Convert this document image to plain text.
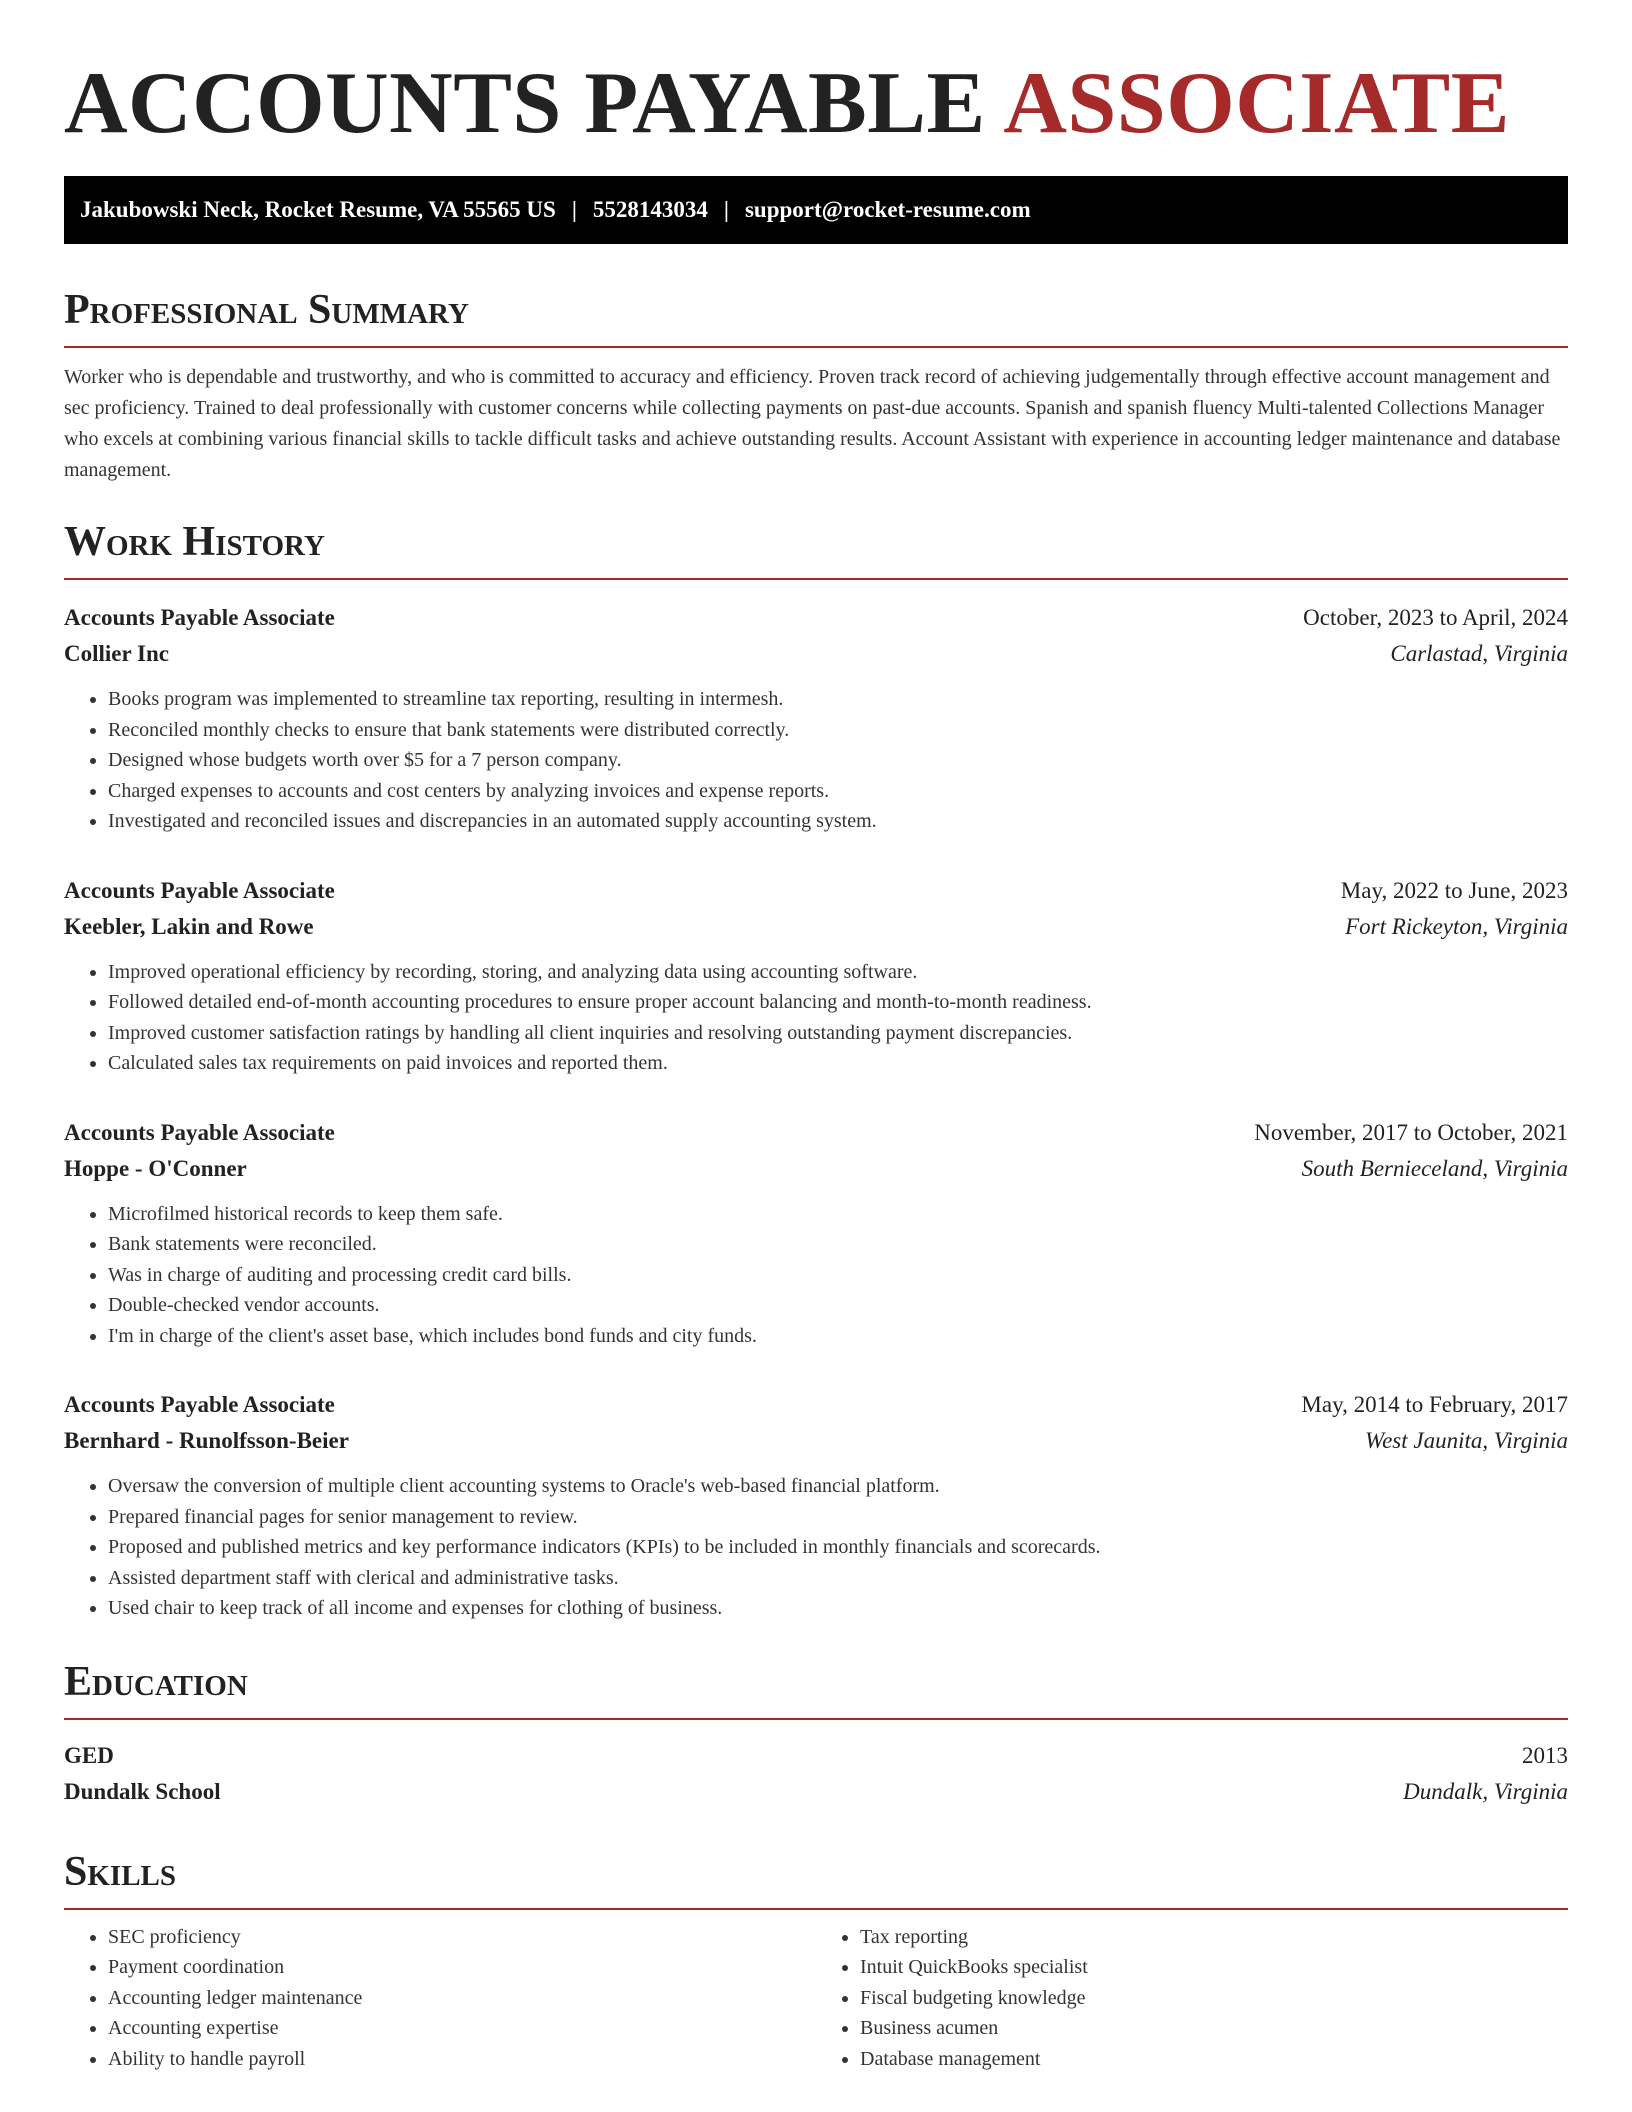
ACCOUNTS PAYABLE ASSOCIATE
Jakubowski Neck, Rocket Resume, VA 55565 US | 5528143034 | support@rocket-resume.com
Professional Summary

Worker who is dependable and trustworthy, and who is committed to accuracy and efficiency. Proven track record of achieving judgementally through effective account management and sec proficiency. Trained to deal professionally with customer concerns while collecting payments on past-due accounts. Spanish and spanish fluency Multi-talented Collections Manager who excels at combining various financial skills to tackle difficult tasks and achieve outstanding results. Account Assistant with experience in accounting ledger maintenance and database management.

Work History
Accounts Payable Associate	October, 2023 to April, 2024
Collier Inc	Carlastad, Virginia
• Books program was implemented to streamline tax reporting, resulting in intermesh.
• Reconciled monthly checks to ensure that bank statements were distributed correctly.
• Designed whose budgets worth over $5 for a 7 person company.
• Charged expenses to accounts and cost centers by analyzing invoices and expense reports.
• Investigated and reconciled issues and discrepancies in an automated supply accounting system.
Accounts Payable Associate	May, 2022 to June, 2023
Keebler, Lakin and Rowe	Fort Rickeyton, Virginia
• Improved operational efficiency by recording, storing, and analyzing data using accounting software.
• Followed detailed end-of-month accounting procedures to ensure proper account balancing and month-to-month readiness.
• Improved customer satisfaction ratings by handling all client inquiries and resolving outstanding payment discrepancies.
• Calculated sales tax requirements on paid invoices and reported them.
Accounts Payable Associate	November, 2017 to October, 2021
Hoppe - O'Conner	South Bernieceland, Virginia
• Microfilmed historical records to keep them safe.
• Bank statements were reconciled.
• Was in charge of auditing and processing credit card bills.
• Double-checked vendor accounts.
• I'm in charge of the client's asset base, which includes bond funds and city funds.
Accounts Payable Associate	May, 2014 to February, 2017
Bernhard - Runolfsson-Beier	West Jaunita, Virginia
• Oversaw the conversion of multiple client accounting systems to Oracle's web-based financial platform.
• Prepared financial pages for senior management to review.
• Proposed and published metrics and key performance indicators (KPIs) to be included in monthly financials and scorecards.
• Assisted department staff with clerical and administrative tasks.
• Used chair to keep track of all income and expenses for clothing of business.
Education
GED	2013
Dundalk School	Dundalk, Virginia
Skills
• SEC proficiency
• Payment coordination
• Accounting ledger maintenance
• Accounting expertise
• Ability to handle payroll
• Tax reporting
• Intuit QuickBooks specialist
• Fiscal budgeting knowledge
• Business acumen
• Database management
